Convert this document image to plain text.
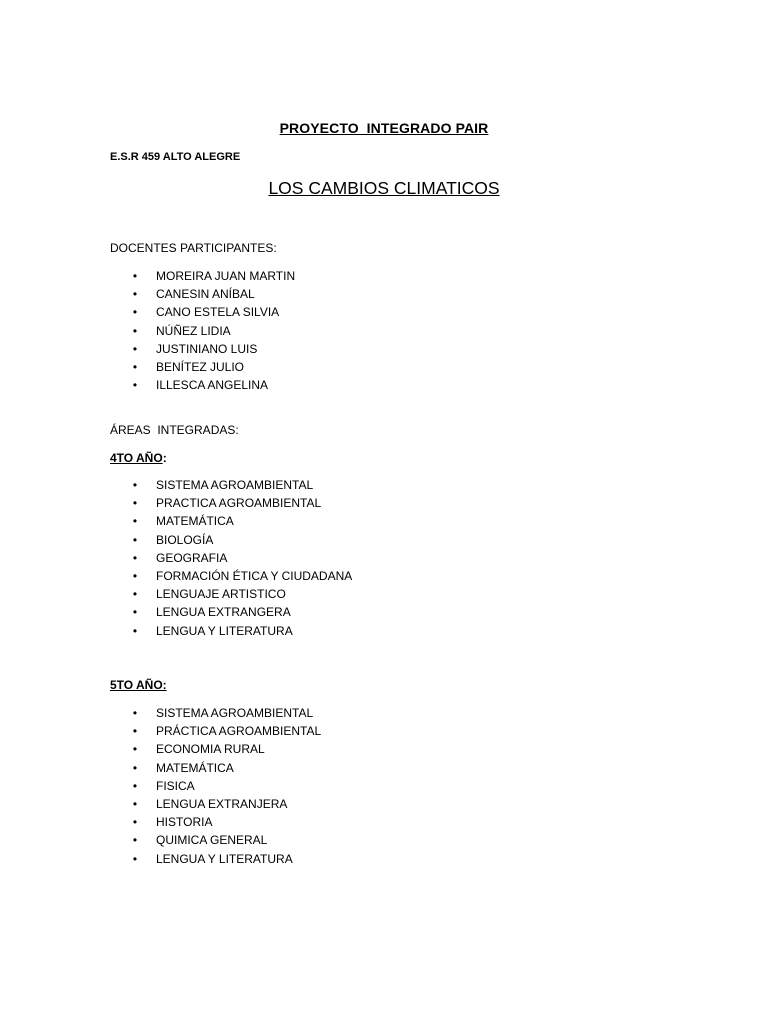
PROYECTO  INTEGRADO PAIR
E.S.R 459 ALTO ALEGRE
LOS CAMBIOS CLIMATICOS
DOCENTES PARTICIPANTES:
• MOREIRA JUAN MARTIN
• CANESIN ANÍBAL
• CANO ESTELA SILVIA
• NÚÑEZ LIDIA
• JUSTINIANO LUIS
• BENÍTEZ JULIO
• ILLESCA ANGELINA
ÁREAS  INTEGRADAS:
4TO AÑO:
• SISTEMA AGROAMBIENTAL
• PRACTICA AGROAMBIENTAL
• MATEMÁTICA
• BIOLOGÍA
• GEOGRAFIA
• FORMACIÓN ÉTICA Y CIUDADANA
• LENGUAJE ARTISTICO
• LENGUA EXTRANGERA
• LENGUA Y LITERATURA
5TO AÑO:
• SISTEMA AGROAMBIENTAL
• PRÁCTICA AGROAMBIENTAL
• ECONOMIA RURAL
• MATEMÁTICA
• FISICA
• LENGUA EXTRANJERA
• HISTORIA
• QUIMICA GENERAL
• LENGUA Y LITERATURA
